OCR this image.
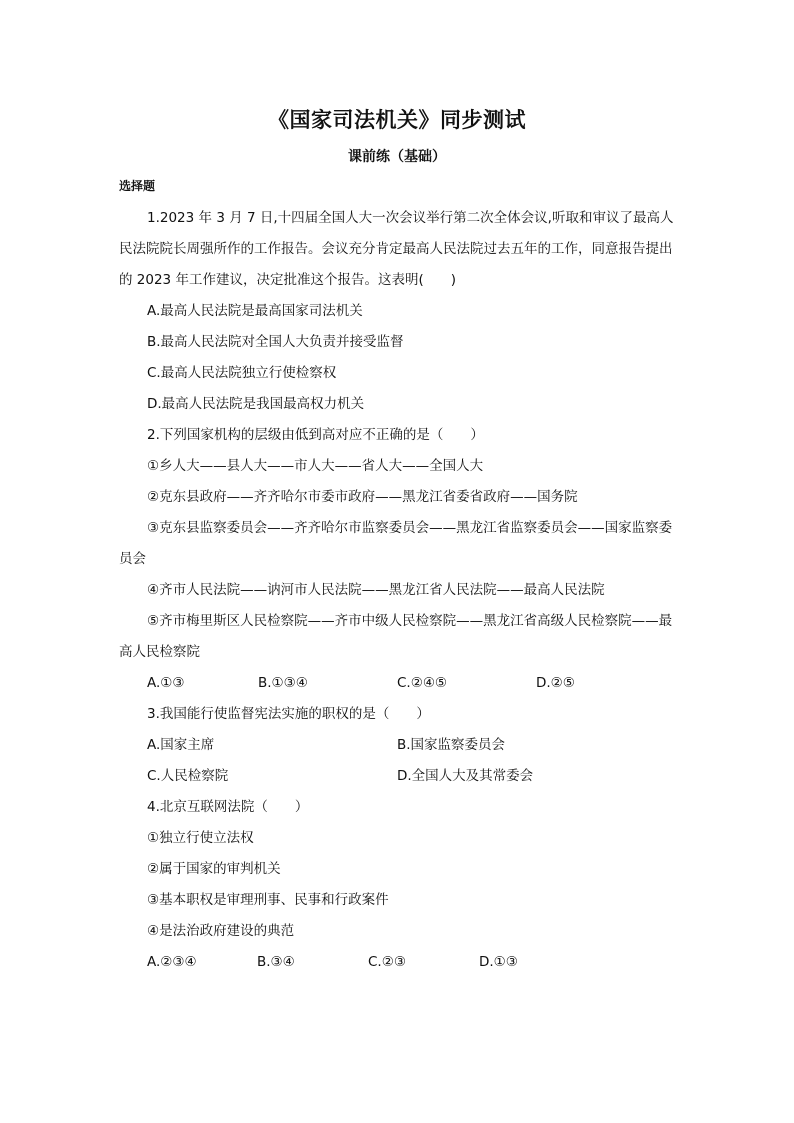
《国家司法机关》同步测试
课前练（基础）
选择题

1.2023 年 3 月 7 日,十四届全国人大一次会议举行第二次全体会议,听取和审议了最高人民法院院长周强所作的工作报告。会议充分肯定最高人民法院过去五年的工作，同意报告提出的 2023 年工作建议，决定批准这个报告。这表明(　　)

A.最高人民法院是最高国家司法机关

B.最高人民法院对全国人大负责并接受监督

C.最高人民法院独立行使检察权

D.最高人民法院是我国最高权力机关

2.下列国家机构的层级由低到高对应不正确的是（　　）

①乡人大——县人大——市人大——省人大——全国人大

②克东县政府——齐齐哈尔市委市政府——黑龙江省委省政府——国务院

③克东县监察委员会——齐齐哈尔市监察委员会——黑龙江省监察委员会——国家监察委员会

④齐市人民法院——讷河市人民法院——黑龙江省人民法院——最高人民法院

⑤齐市梅里斯区人民检察院——齐市中级人民检察院——黑龙江省高级人民检察院——最高人民检察院

A.①③	B.①③④	C.②④⑤	D.②⑤

3.我国能行使监督宪法实施的职权的是（　　）

A.国家主席	B.国家监察委员会
C.人民检察院	D.全国人大及其常委会

4.北京互联网法院（　　）

①独立行使立法权

②属于国家的审判机关

③基本职权是审理刑事、民事和行政案件

④是法治政府建设的典范

A.②③④	B.③④	C.②③	D.①③
